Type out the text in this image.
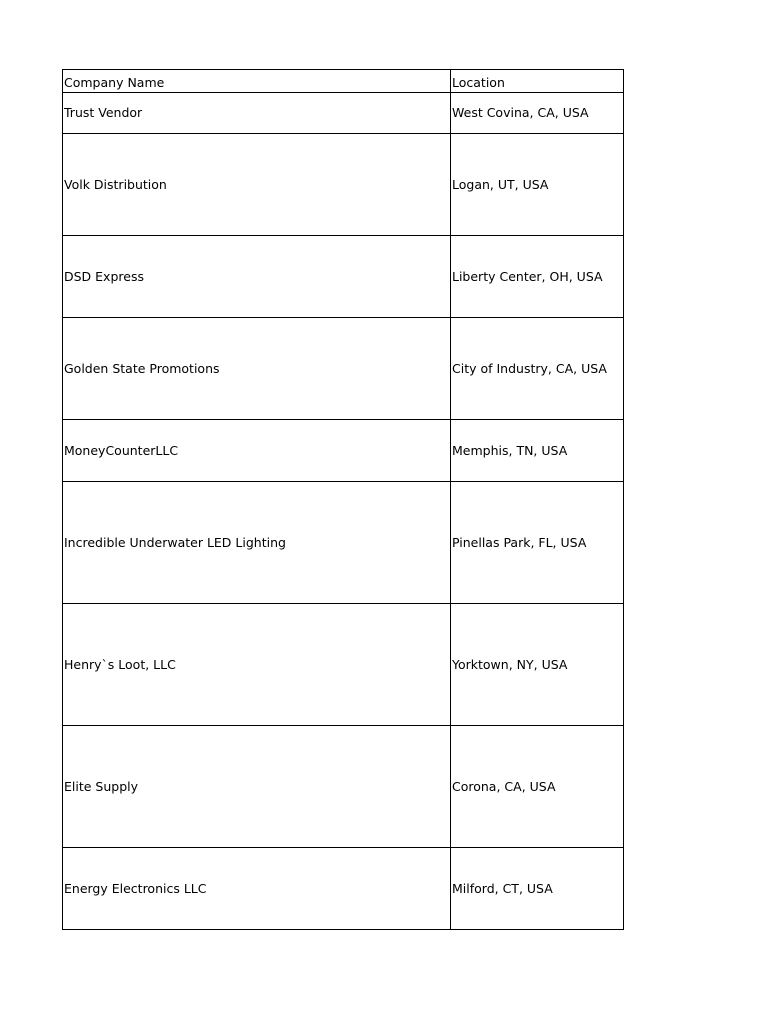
Company Name	Location
Trust Vendor	West Covina, CA, USA
Volk Distribution	Logan, UT, USA
DSD Express	Liberty Center, OH, USA
Golden State Promotions	City of Industry, CA, USA
MoneyCounterLLC	Memphis, TN, USA
Incredible Underwater LED Lighting	Pinellas Park, FL, USA
Henry`s Loot, LLC	Yorktown, NY, USA
Elite Supply	Corona, CA, USA
Energy Electronics LLC	Milford, CT, USA
